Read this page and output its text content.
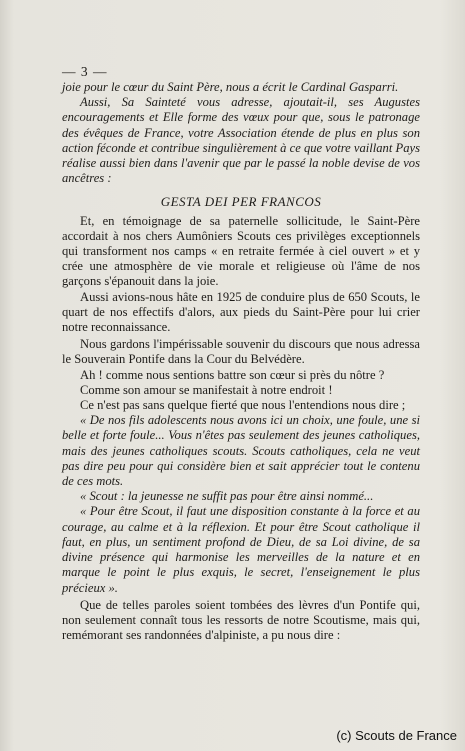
— 3 —

joie pour le cœur du Saint Père, nous a écrit le Cardinal Gasparri.

Aussi, Sa Sainteté vous adresse, ajoutait-il, ses Augustes encouragements et Elle forme des vœux pour que, sous le patronage des évêques de France, votre Association étende de plus en plus son action féconde et contribue singulièrement à ce que votre vaillant Pays réalise aussi bien dans l'avenir que par le passé la noble devise de vos ancêtres :

GESTA DEI PER FRANCOS

Et, en témoignage de sa paternelle sollicitude, le Saint-Père accordait à nos chers Aumôniers Scouts ces privilèges exceptionnels qui transforment nos camps « en retraite fermée à ciel ouvert » et y crée une atmosphère de vie morale et religieuse où l'âme de nos garçons s'épanouit dans la joie.

Aussi avions-nous hâte en 1925 de conduire plus de 650 Scouts, le quart de nos effectifs d'alors, aux pieds du Saint-Père pour lui crier notre reconnaissance.

Nous gardons l'impérissable souvenir du discours que nous adressa le Souverain Pontife dans la Cour du Belvédère.

Ah ! comme nous sentions battre son cœur si près du nôtre ?

Comme son amour se manifestait à notre endroit !

Ce n'est pas sans quelque fierté que nous l'entendions nous dire ;

« De nos fils adolescents nous avons ici un choix, une foule, une si belle et forte foule... Vous n'êtes pas seulement des jeunes catholiques, mais des jeunes catholiques scouts. Scouts catholiques, cela ne veut pas dire peu pour qui considère bien et sait apprécier tout le contenu de ces mots.

« Scout : la jeunesse ne suffit pas pour être ainsi nommé...

« Pour être Scout, il faut une disposition constante à la force et au courage, au calme et à la réflexion. Et pour être Scout catholique il faut, en plus, un sentiment profond de Dieu, de sa Loi divine, de sa divine présence qui harmonise les merveilles de la nature et en marque le point le plus exquis, le secret, l'enseignement le plus précieux ».

Que de telles paroles soient tombées des lèvres d'un Pontife qui, non seulement connaît tous les ressorts de notre Scoutisme, mais qui, remémorant ses randonnées d'alpiniste, a pu nous dire :

(c) Scouts de France
